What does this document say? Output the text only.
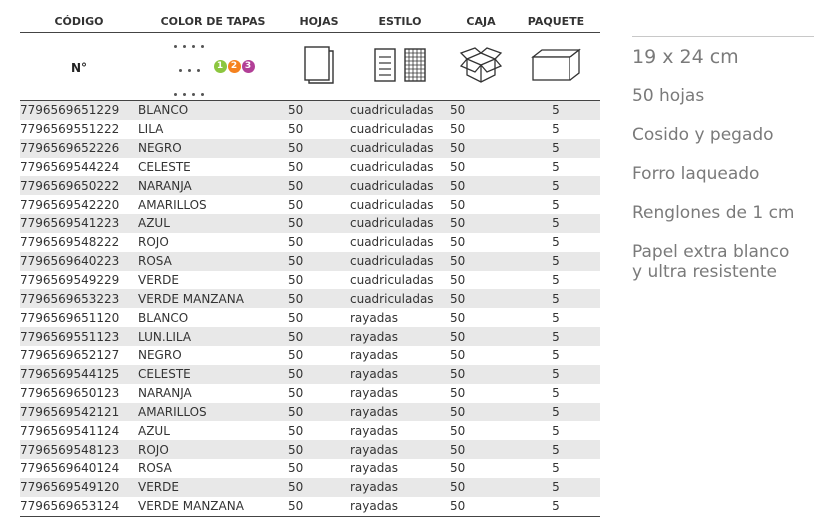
CÓDIGO	COLOR DE TAPAS	HOJAS	ESTILO	CAJA	PAQUETE
N°	1 2 3				
7796569651229	BLANCO	50	cuadriculadas	50	5
7796569551222	LILA	50	cuadriculadas	50	5
7796569652226	NEGRO	50	cuadriculadas	50	5
7796569544224	CELESTE	50	cuadriculadas	50	5
7796569650222	NARANJA	50	cuadriculadas	50	5
7796569542220	AMARILLOS	50	cuadriculadas	50	5
7796569541223	AZUL	50	cuadriculadas	50	5
7796569548222	ROJO	50	cuadriculadas	50	5
7796569640223	ROSA	50	cuadriculadas	50	5
7796569549229	VERDE	50	cuadriculadas	50	5
7796569653223	VERDE MANZANA	50	cuadriculadas	50	5
7796569651120	BLANCO	50	rayadas	50	5
7796569551123	LUN.LILA	50	rayadas	50	5
7796569652127	NEGRO	50	rayadas	50	5
7796569544125	CELESTE	50	rayadas	50	5
7796569650123	NARANJA	50	rayadas	50	5
7796569542121	AMARILLOS	50	rayadas	50	5
7796569541124	AZUL	50	rayadas	50	5
7796569548123	ROJO	50	rayadas	50	5
7796569640124	ROSA	50	rayadas	50	5
7796569549120	VERDE	50	rayadas	50	5
7796569653124	VERDE MANZANA	50	rayadas	50	5
19 x 24 cm
50 hojas
Cosido y pegado
Forro laqueado
Renglones de 1 cm
Papel extra blanco
y ultra resistente
